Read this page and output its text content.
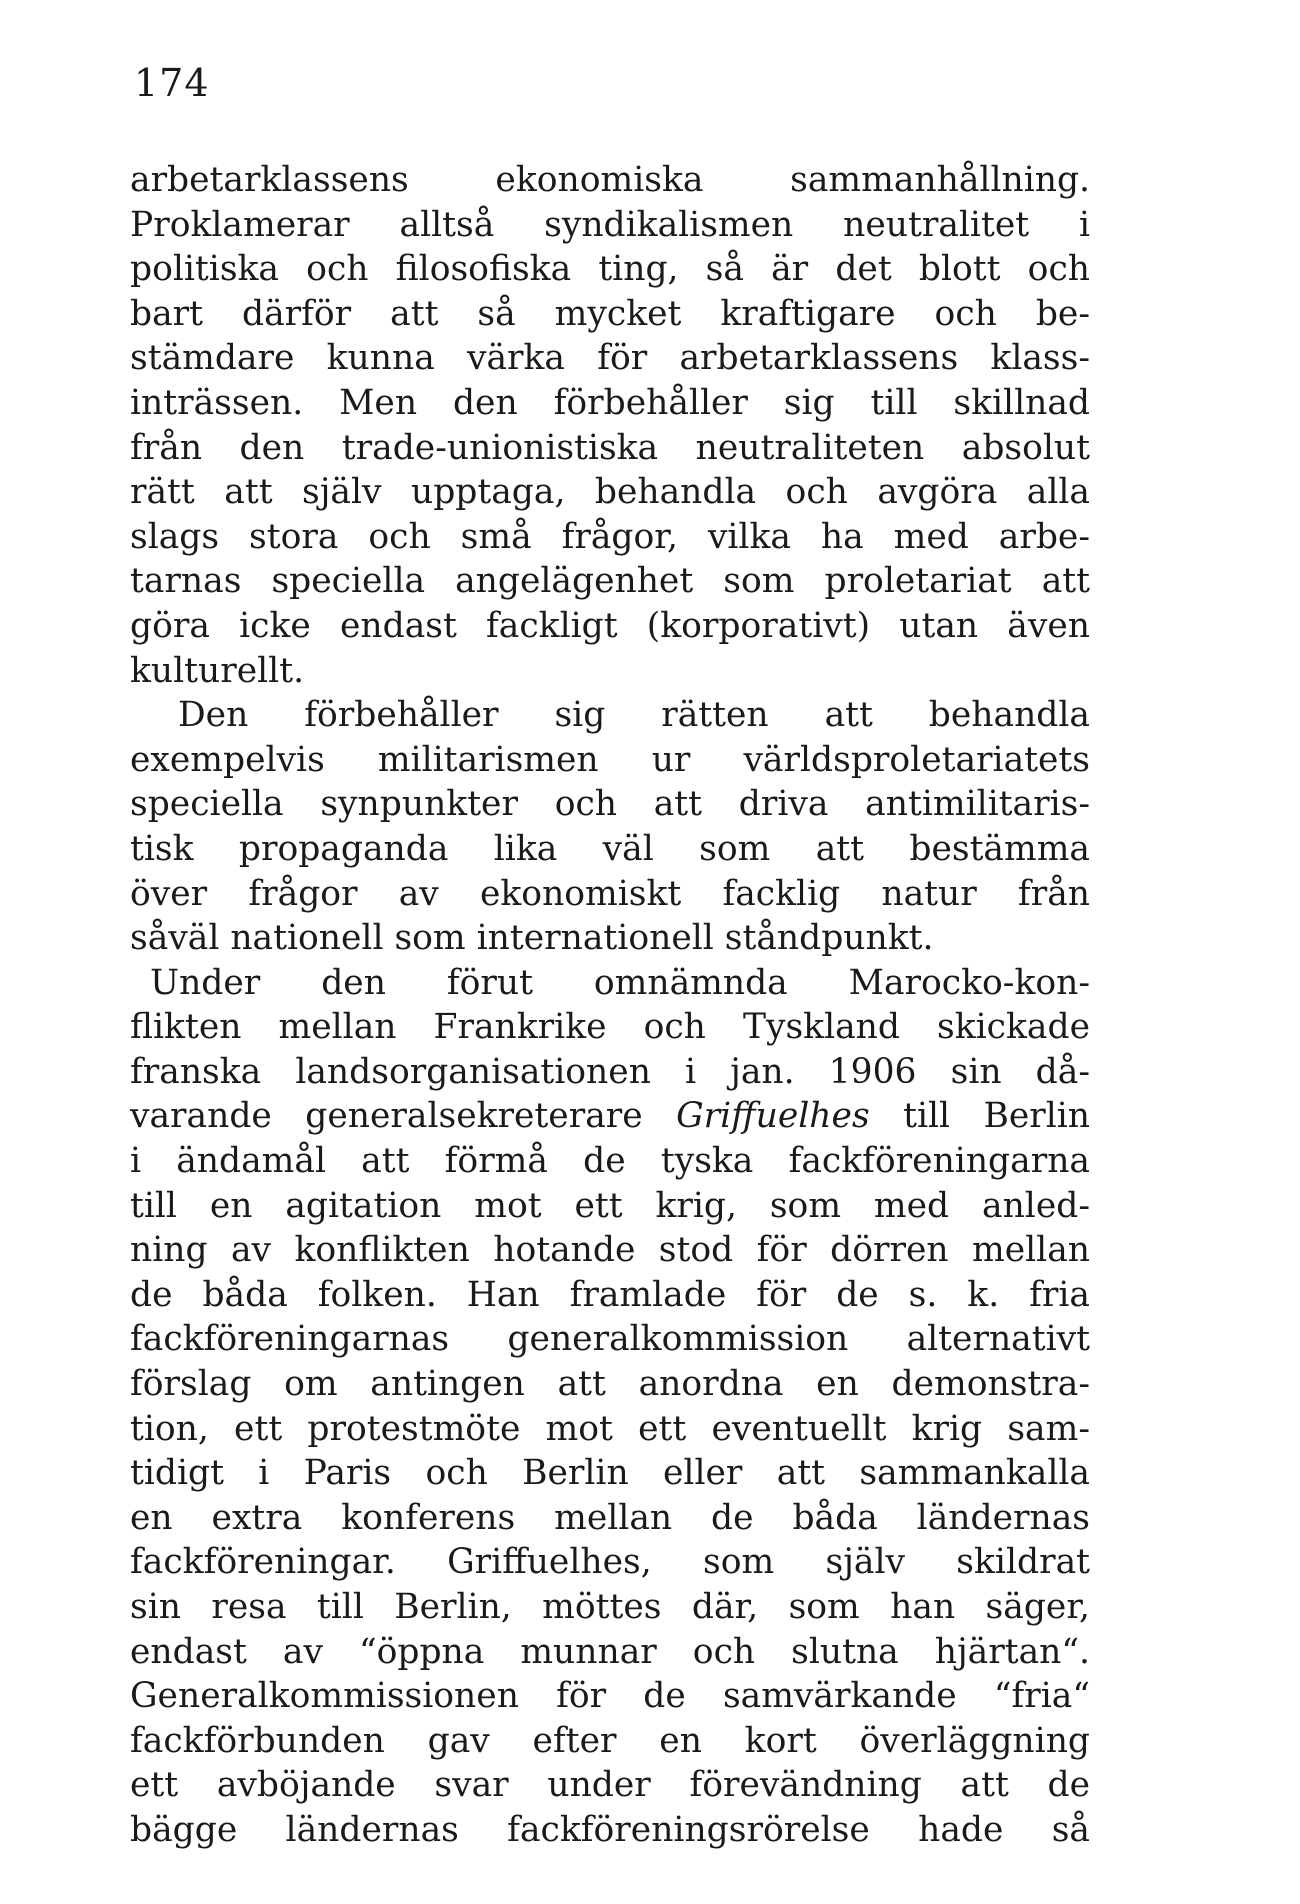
174
arbetarklassens ekonomiska sammanhållning.
Proklamerar alltså syndikalismen neutralitet i
politiska och filosofiska ting, så är det blott och
bart därför att så mycket kraftigare och be-
stämdare kunna värka för arbetarklassens klass-
inträssen. Men den förbehåller sig till skillnad
från den trade-unionistiska neutraliteten absolut
rätt att själv upptaga, behandla och avgöra alla
slags stora och små frågor, vilka ha med arbe-
tarnas speciella angelägenhet som proletariat att
göra icke endast fackligt (korporativt) utan även
kulturellt.
Den förbehåller sig rätten att behandla
exempelvis militarismen ur världsproletariatets
speciella synpunkter och att driva antimilitaris-
tisk propaganda lika väl som att bestämma
över frågor av ekonomiskt facklig natur från
såväl nationell som internationell ståndpunkt.
Under den förut omnämnda Marocko-kon-
flikten mellan Frankrike och Tyskland skickade
franska landsorganisationen i jan. 1906 sin då-
varande generalsekreterare Griffuelhes till Berlin
i ändamål att förmå de tyska fackföreningarna
till en agitation mot ett krig, som med anled-
ning av konflikten hotande stod för dörren mellan
de båda folken. Han framlade för de s. k. fria
fackföreningarnas generalkommission alternativt
förslag om antingen att anordna en demonstra-
tion, ett protestmöte mot ett eventuellt krig sam-
tidigt i Paris och Berlin eller att sammankalla
en extra konferens mellan de båda ländernas
fackföreningar. Griffuelhes, som själv skildrat
sin resa till Berlin, möttes där, som han säger,
endast av “öppna munnar och slutna hjärtan“.
Generalkommissionen för de samvärkande “fria“
fackförbunden gav efter en kort överläggning
ett avböjande svar under förevändning att de
bägge ländernas fackföreningsrörelse hade så
